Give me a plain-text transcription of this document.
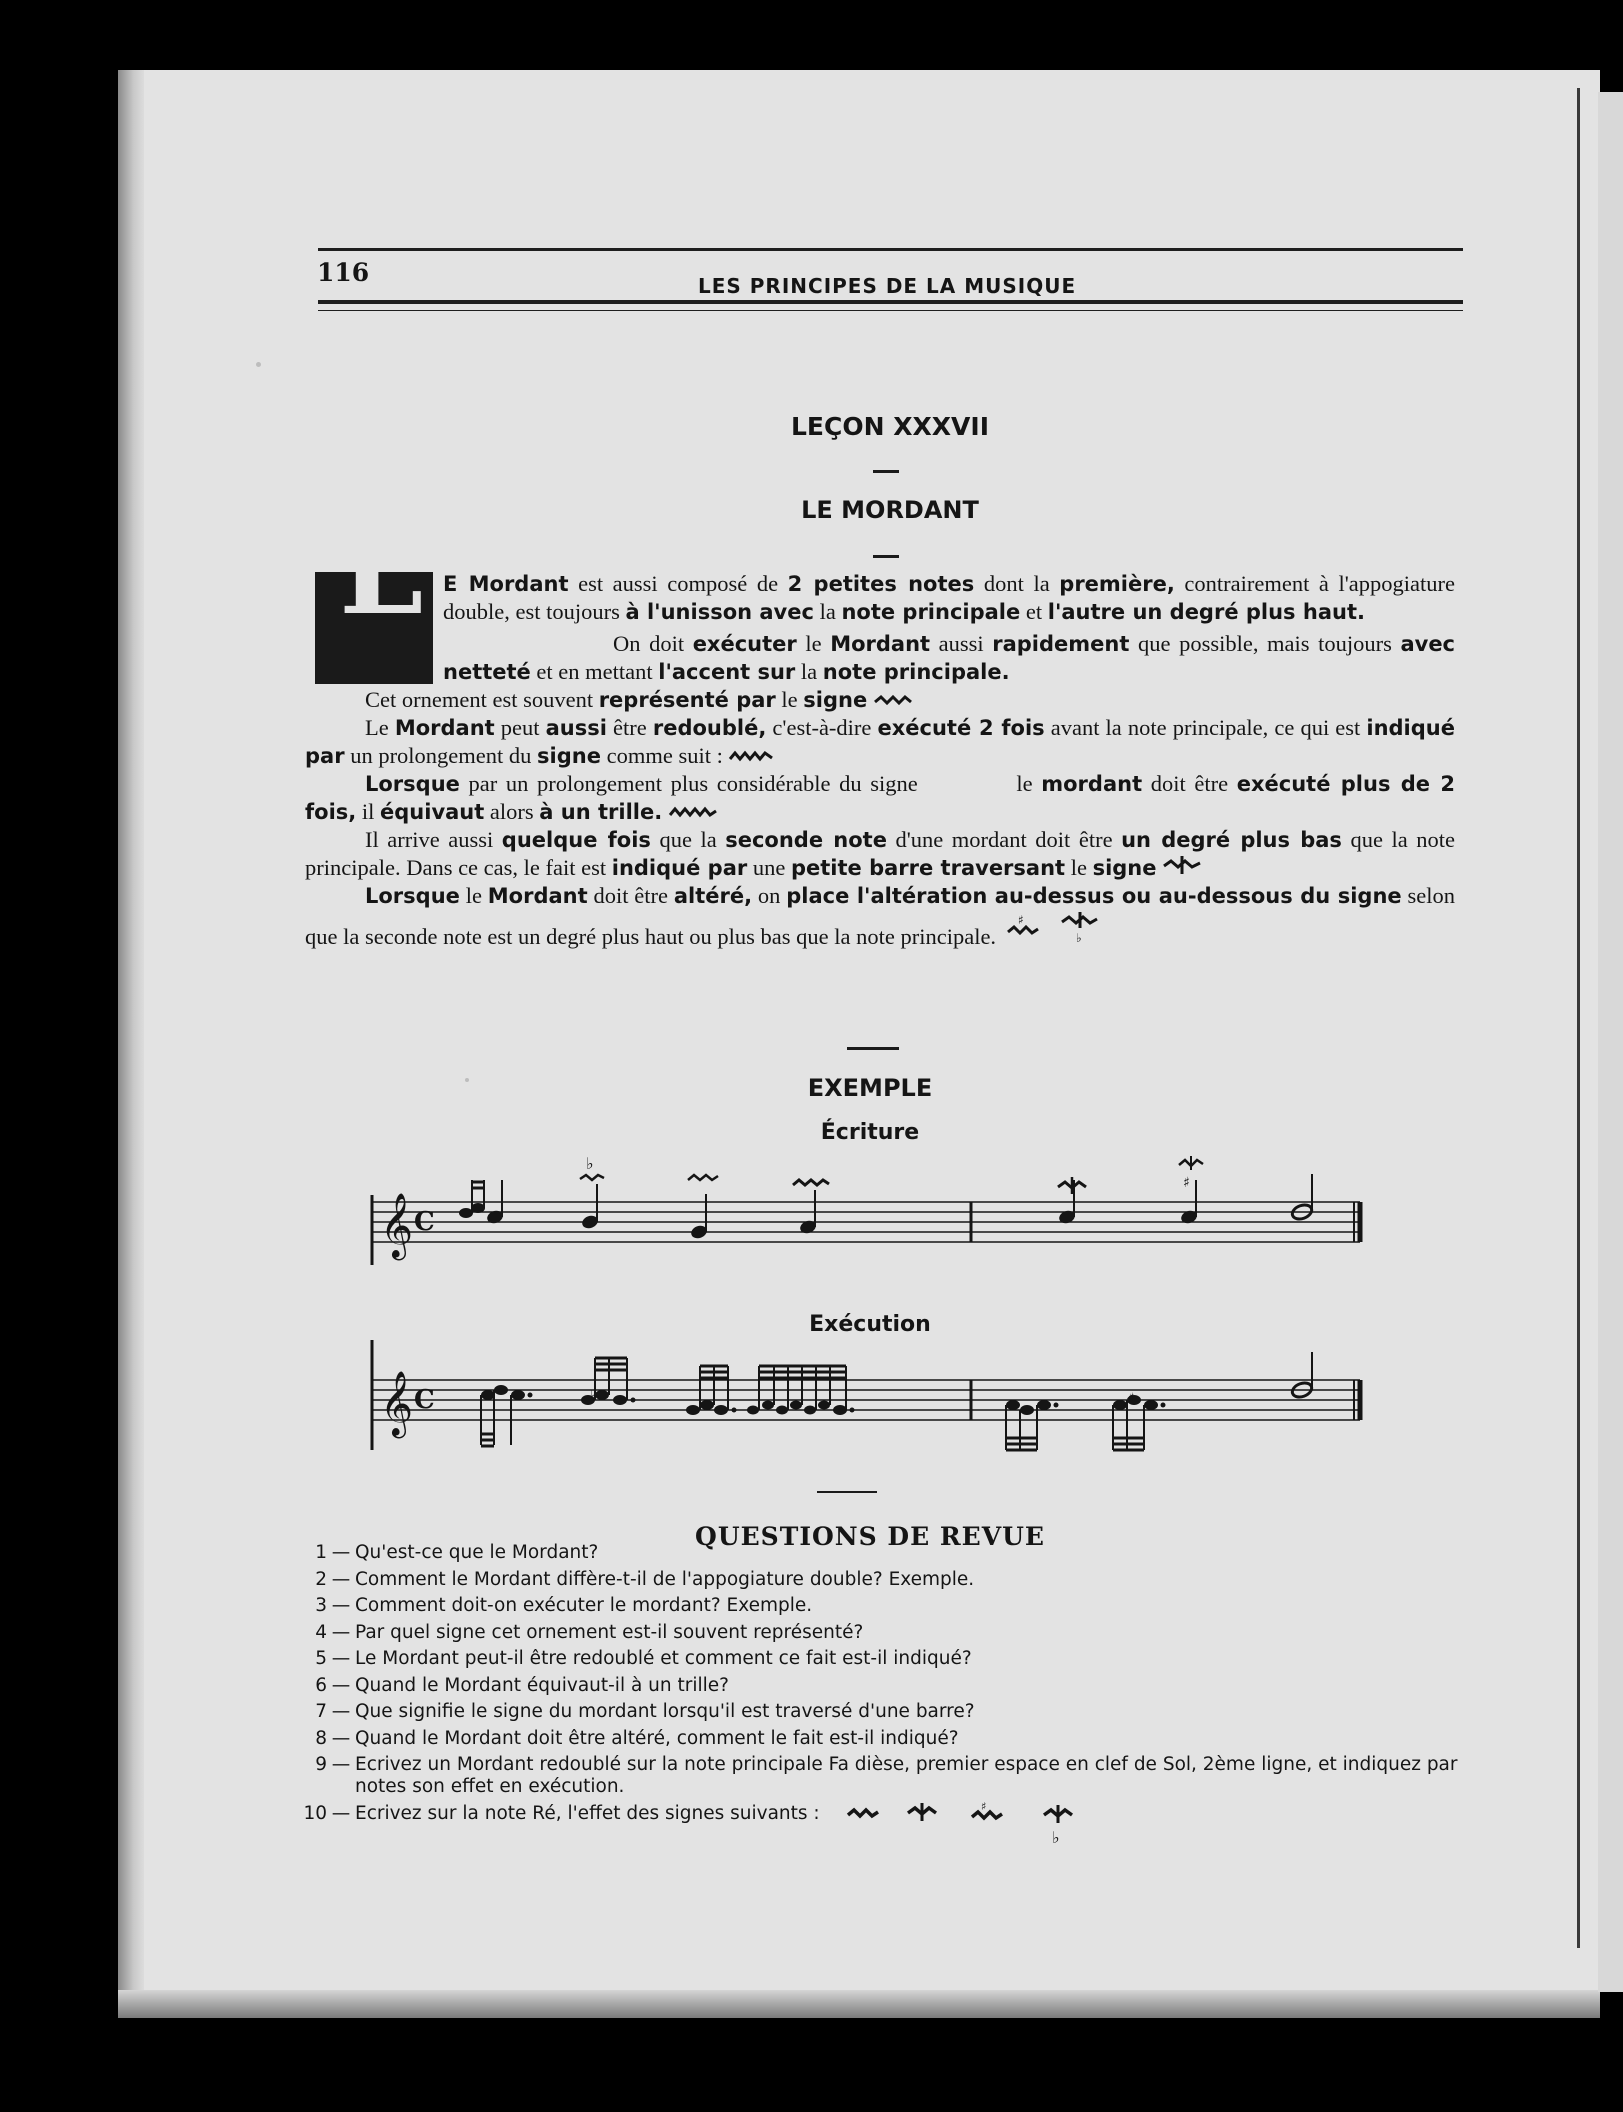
116	LES PRINCIPES DE LA MUSIQUE
LEÇON XXXVII
LE MORDANT

L E Mordant est aussi composé de 2 petites notes dont la première, contrairement à l'appogiature double, est toujours à l'unisson avec la note principale et l'autre un degré plus haut.

On doit exécuter le Mordant aussi rapidement que possible, mais toujours avec netteté et en mettant l'accent sur la note principale.

Cet ornement est souvent représenté par le signe

Le Mordant peut aussi être redoublé, c'est-à-dire exécuté 2 fois avant la note principale, ce qui est indiqué par un prolongement du signe comme suit :

Lorsque par un prolongement plus considérable du signe	le mordant doit être exécuté plus de 2 fois, il équivaut alors à un trille.

Il arrive aussi quelque fois que la seconde note d'une mordant doit être un degré plus bas que la note principale. Dans ce cas, le fait est indiqué par une petite barre traversant le signe

Lorsque le Mordant doit être altéré, on place l'altération au-dessus ou au-dessous du signe selon que la seconde note est un degré plus haut ou plus bas que la note principale.
♯
♭

EXEMPLE
Écriture
𝄞 C
♭
♯
Exécution
𝄞 C	♭	♯
QUESTIONS DE REVUE
1 — Qu'est-ce que le Mordant?
2 — Comment le Mordant diffère-t-il de l'appogiature double? Exemple.
3 — Comment doit-on exécuter le mordant? Exemple.
4 — Par quel signe cet ornement est-il souvent représenté?
5 — Le Mordant peut-il être redoublé et comment ce fait est-il indiqué?
6 — Quand le Mordant équivaut-il à un trille?
7 — Que signifie le signe du mordant lorsqu'il est traversé d'une barre?
8 — Quand le Mordant doit être altéré, comment le fait est-il indiqué?
9 — Ecrivez un Mordant redoublé sur la note principale Fa dièse, premier espace en clef de Sol, 2ème ligne, et indiquez par notes son effet en exécution.
10 — Ecrivez sur la note Ré, l'effet des signes suivants :	♯
♭
